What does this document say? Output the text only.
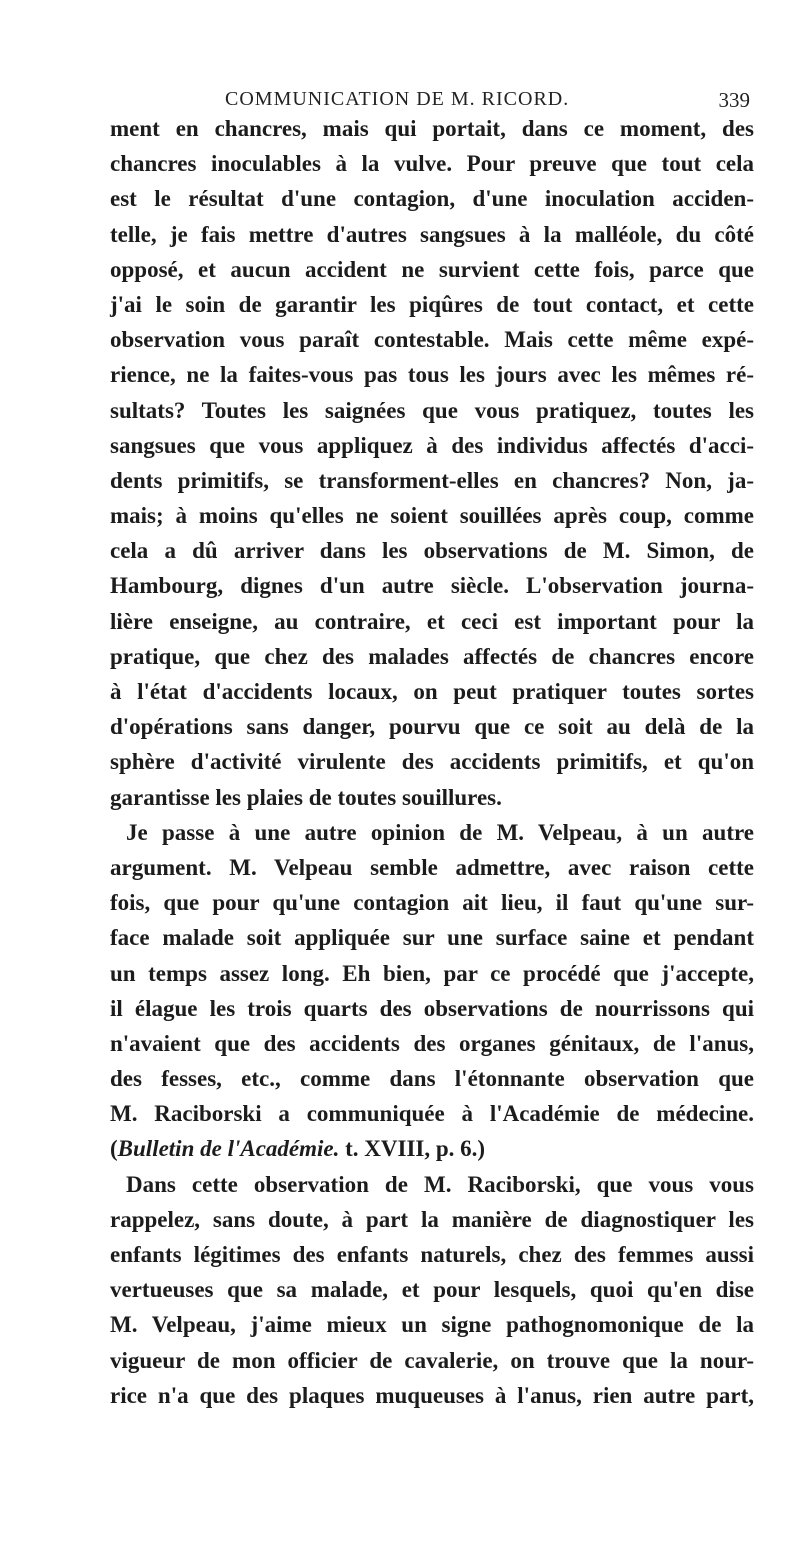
COMMUNICATION DE M. RICORD.	339
ment en chancres, mais qui portait, dans ce moment, des
chancres inoculables à la vulve. Pour preuve que tout cela
est le résultat d'une contagion, d'une inoculation acciden-
telle, je fais mettre d'autres sangsues à la malléole, du côté
opposé, et aucun accident ne survient cette fois, parce que
j'ai le soin de garantir les piqûres de tout contact, et cette
observation vous paraît contestable. Mais cette même expé-
rience, ne la faites-vous pas tous les jours avec les mêmes ré-
sultats? Toutes les saignées que vous pratiquez, toutes les
sangsues que vous appliquez à des individus affectés d'acci-
dents primitifs, se transforment-elles en chancres? Non, ja-
mais; à moins qu'elles ne soient souillées après coup, comme
cela a dû arriver dans les observations de M. Simon, de
Hambourg, dignes d'un autre siècle. L'observation journa-
lière enseigne, au contraire, et ceci est important pour la
pratique, que chez des malades affectés de chancres encore
à l'état d'accidents locaux, on peut pratiquer toutes sortes
d'opérations sans danger, pourvu que ce soit au delà de la
sphère d'activité virulente des accidents primitifs, et qu'on
garantisse les plaies de toutes souillures.
Je passe à une autre opinion de M. Velpeau, à un autre
argument. M. Velpeau semble admettre, avec raison cette
fois, que pour qu'une contagion ait lieu, il faut qu'une sur-
face malade soit appliquée sur une surface saine et pendant
un temps assez long. Eh bien, par ce procédé que j'accepte,
il élague les trois quarts des observations de nourrissons qui
n'avaient que des accidents des organes génitaux, de l'anus,
des fesses, etc., comme dans l'étonnante observation que
M. Raciborski a communiquée à l'Académie de médecine.
(Bulletin de l'Académie. t. XVIII, p. 6.)
Dans cette observation de M. Raciborski, que vous vous
rappelez, sans doute, à part la manière de diagnostiquer les
enfants légitimes des enfants naturels, chez des femmes aussi
vertueuses que sa malade, et pour lesquels, quoi qu'en dise
M. Velpeau, j'aime mieux un signe pathognomonique de la
vigueur de mon officier de cavalerie, on trouve que la nour-
rice n'a que des plaques muqueuses à l'anus, rien autre part,
